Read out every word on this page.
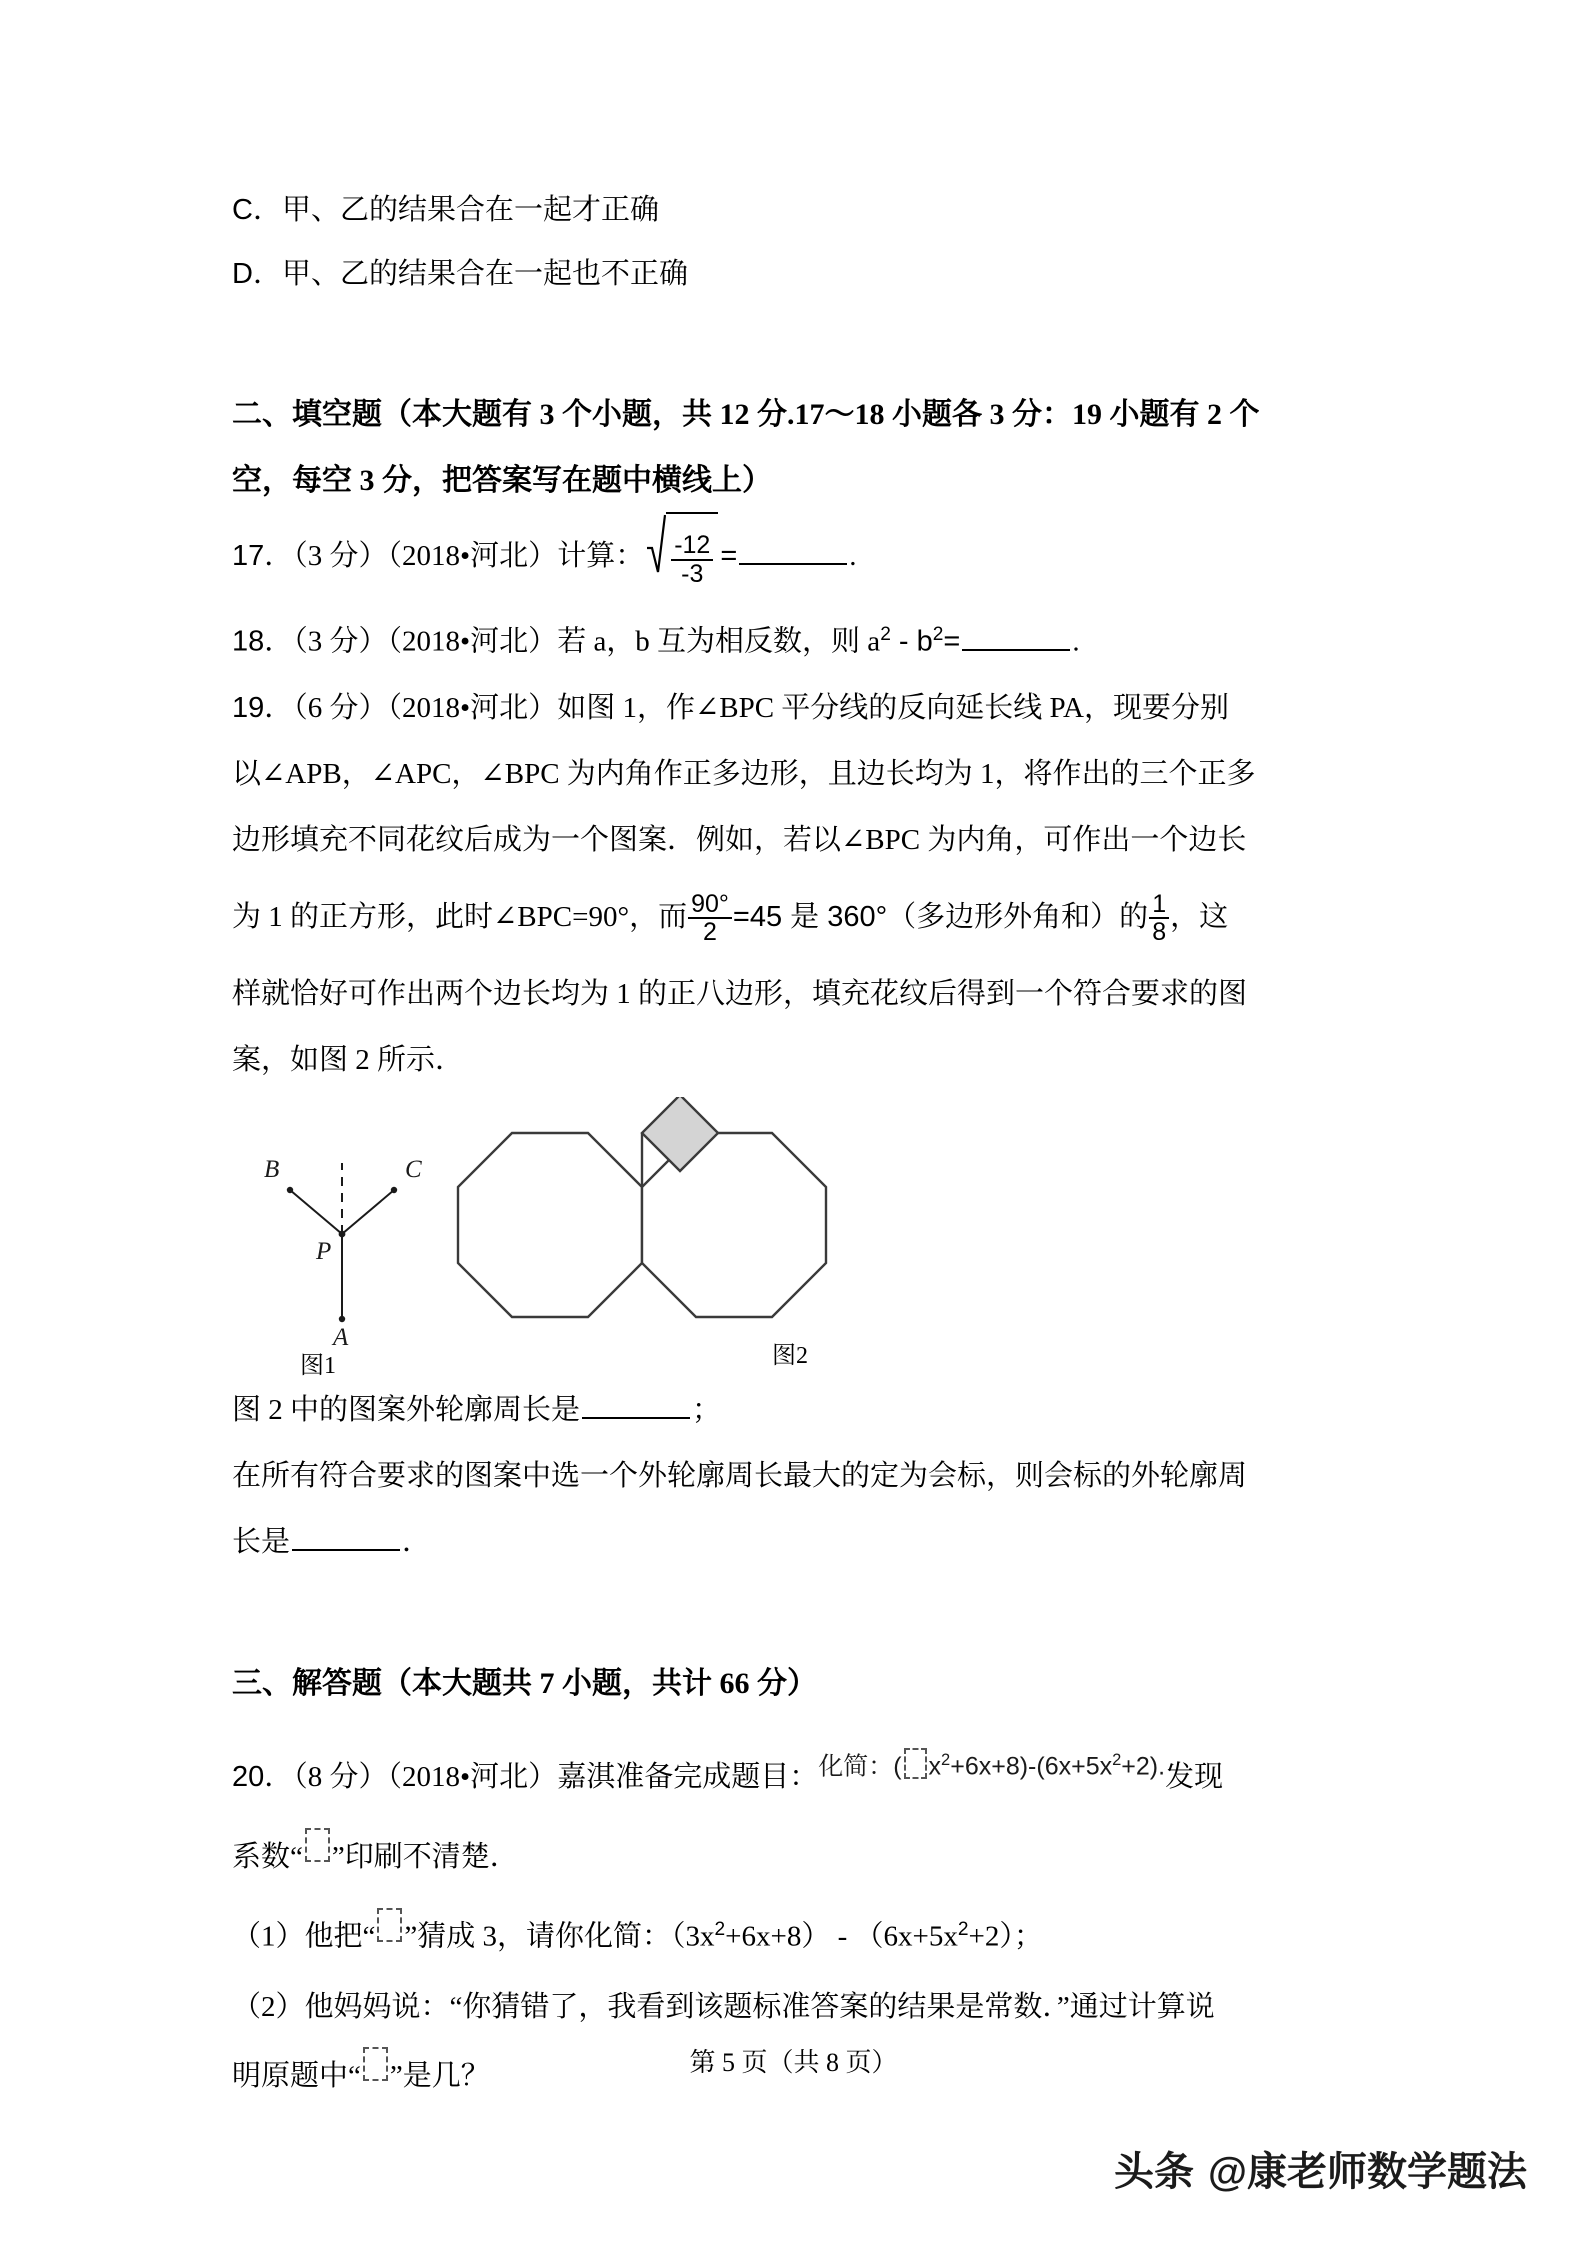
C．甲、乙的结果合在一起才正确
D．甲、乙的结果合在一起也不正确
二、填空题（本大题有 3 个小题，共 12 分.17～18 小题各 3 分：19 小题有 2 个
空，每空 3 分，把答案写在题中横线上）
17．（3 分）（2018•河北）计算： $\frac{-12}{-3}$ =	.
18．（3 分）（2018•河北）若 a，b 互为相反数，则 $a^2 - b^2=$	.
19．（6 分）（2018•河北）如图 1，作∠BPC 平分线的反向延长线 PA，现要分别
以∠APB，∠APC，∠BPC 为内角作正多边形，且边长均为 1，将作出的三个正多
边形填充不同花纹后成为一个图案．例如，若以∠BPC 为内角，可作出一个边长
为 1 的正方形，此时∠BPC=90°，而 $\frac{90^\circ}{2} =45$ 是 360°（多边形外角和）的 $\frac{1}{8}$ ，这
样就恰好可作出两个边长均为 1 的正八边形，填充花纹后得到一个符合要求的图
案，如图 2 所示．
B	C
P
A
图1	图2
图 2 中的图案外轮廓周长是	；
在所有符合要求的图案中选一个外轮廓周长最大的定为会标，则会标的外轮廓周
长是	．
三、解答题（本大题共 7 小题，共计 66 分）
20．（8 分）（2018•河北）嘉淇准备完成题目：化简：( $x^2+6x+8)-(6x+5x^2+2)$.发现
系数“ ”印刷不清楚．
（1）他把“ ”猜成 3，请你化简：$(3x^2+6x+8) - (6x+5x^2+2)$；
（2）他妈妈说：“你猜错了，我看到该题标准答案的结果是常数．”通过计算说
明原题中“ ”是几？	第 5 页（共 8 页）
头条 @康老师数学题法
